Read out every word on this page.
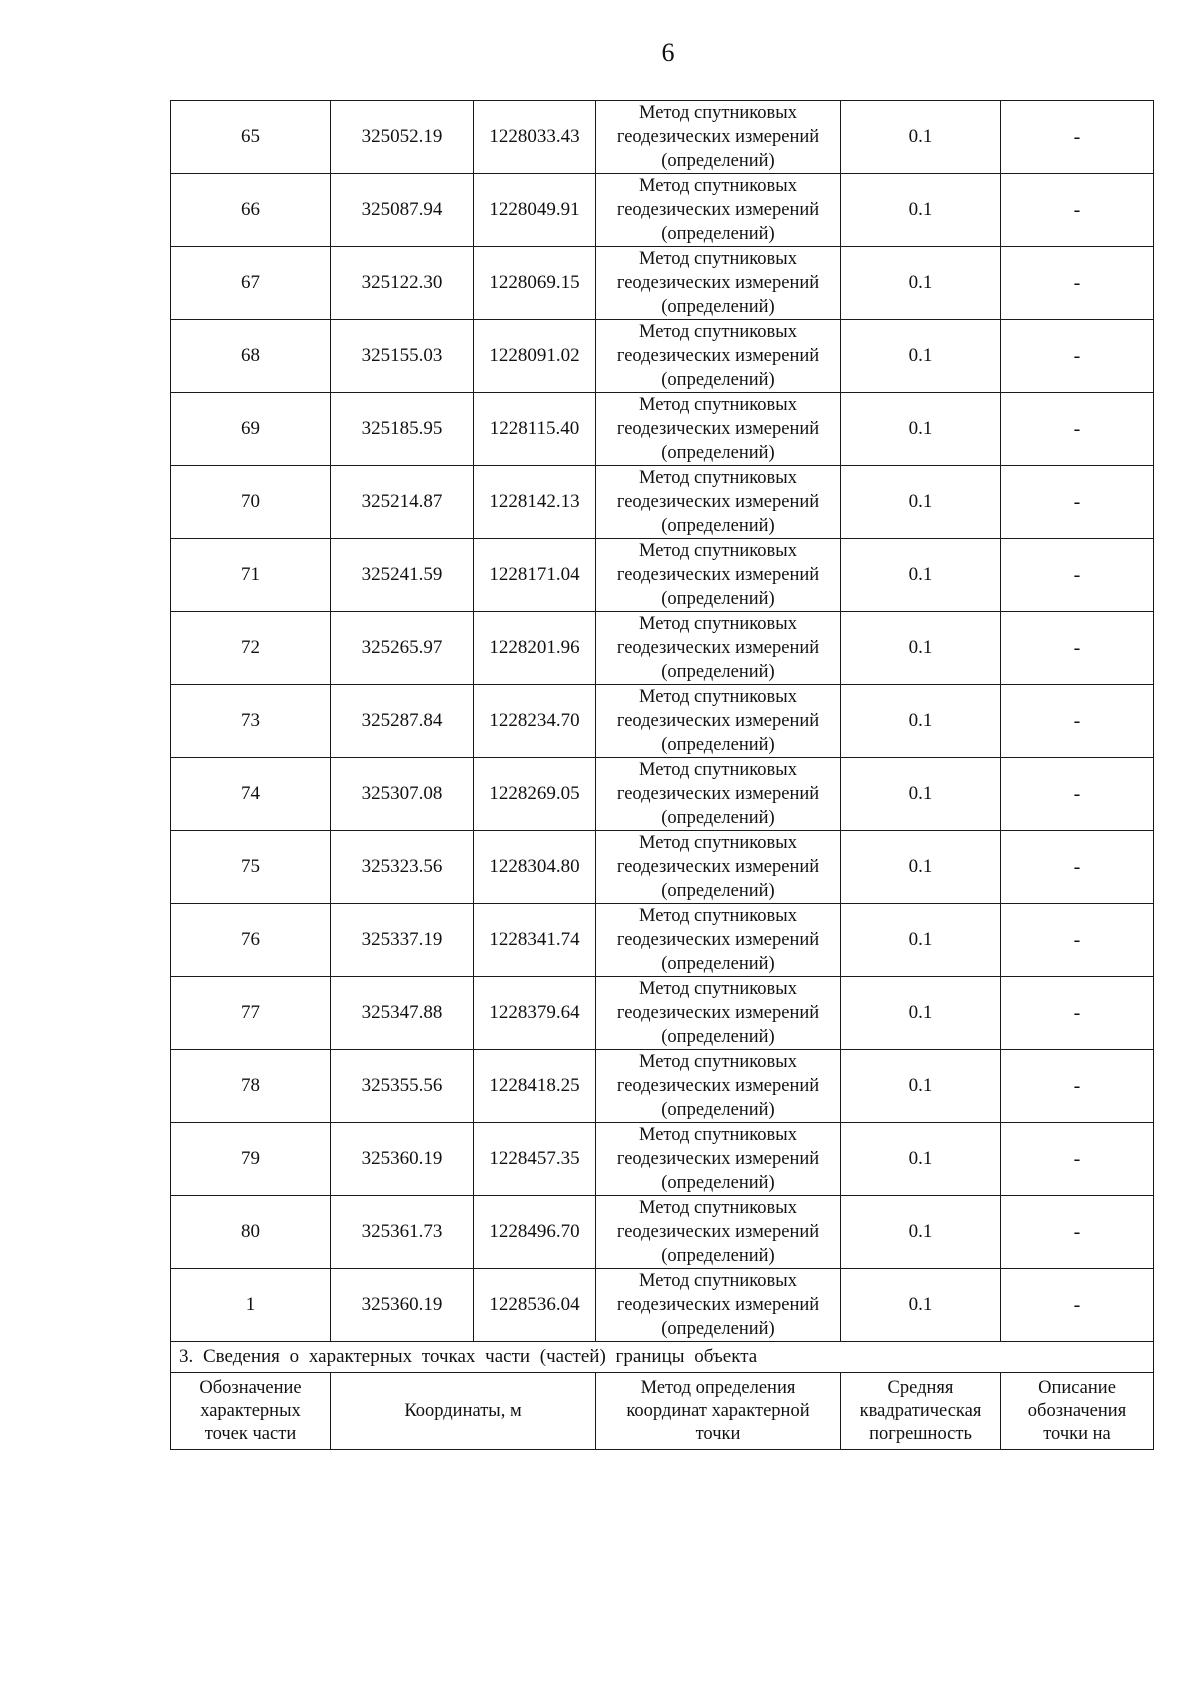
6
65	325052.19	1228033.43	Метод спутниковых
геодезических измерений
(определений)	0.1	-
66	325087.94	1228049.91	Метод спутниковых
геодезических измерений
(определений)	0.1	-
67	325122.30	1228069.15	Метод спутниковых
геодезических измерений
(определений)	0.1	-
68	325155.03	1228091.02	Метод спутниковых
геодезических измерений
(определений)	0.1	-
69	325185.95	1228115.40	Метод спутниковых
геодезических измерений
(определений)	0.1	-
70	325214.87	1228142.13	Метод спутниковых
геодезических измерений
(определений)	0.1	-
71	325241.59	1228171.04	Метод спутниковых
геодезических измерений
(определений)	0.1	-
72	325265.97	1228201.96	Метод спутниковых
геодезических измерений
(определений)	0.1	-
73	325287.84	1228234.70	Метод спутниковых
геодезических измерений
(определений)	0.1	-
74	325307.08	1228269.05	Метод спутниковых
геодезических измерений
(определений)	0.1	-
75	325323.56	1228304.80	Метод спутниковых
геодезических измерений
(определений)	0.1	-
76	325337.19	1228341.74	Метод спутниковых
геодезических измерений
(определений)	0.1	-
77	325347.88	1228379.64	Метод спутниковых
геодезических измерений
(определений)	0.1	-
78	325355.56	1228418.25	Метод спутниковых
геодезических измерений
(определений)	0.1	-
79	325360.19	1228457.35	Метод спутниковых
геодезических измерений
(определений)	0.1	-
80	325361.73	1228496.70	Метод спутниковых
геодезических измерений
(определений)	0.1	-
1	325360.19	1228536.04	Метод спутниковых
геодезических измерений
(определений)	0.1	-
3. Сведения о характерных точках части (частей) границы объекта					

Обозначение
характерных
точек части	Координаты, м		Метод определения
координат характерной
точки	Средняя
квадратическая
погрешность	Описание
обозначения
точки на
